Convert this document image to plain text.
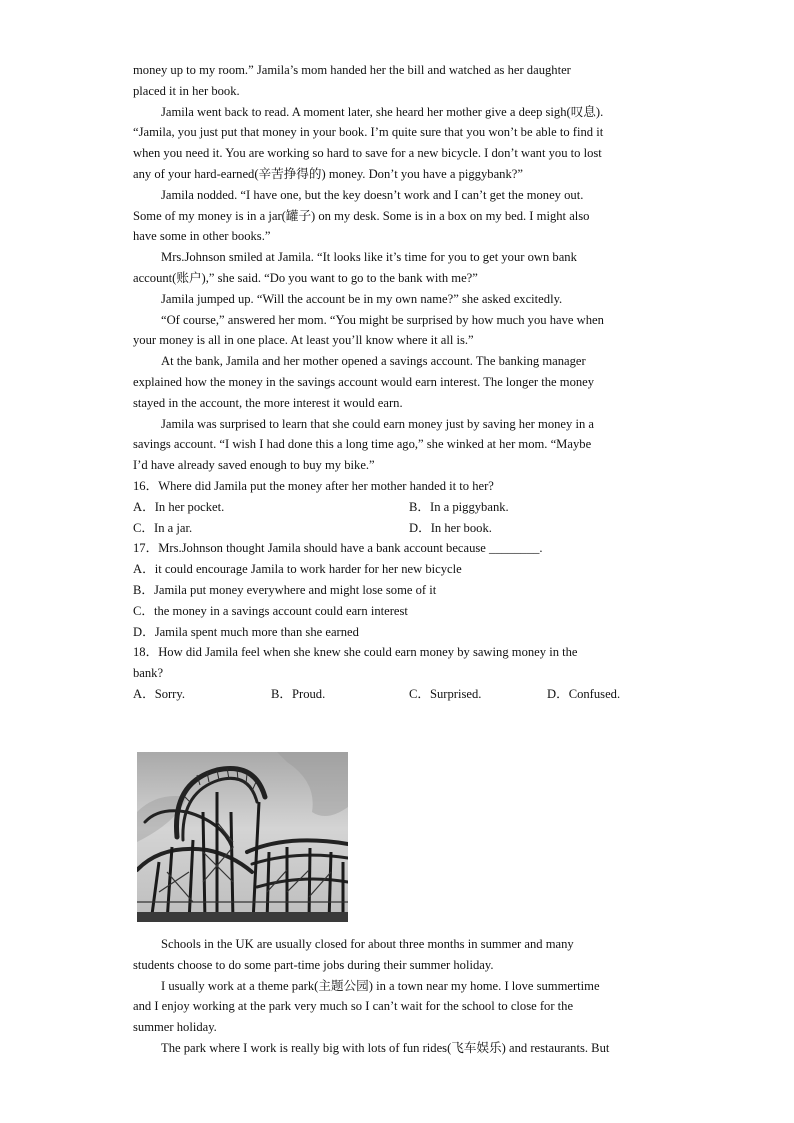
money up to my room.” Jamila’s mom handed her the bill and watched as her daughter

placed it in her book.

Jamila went back to read. A moment later, she heard her mother give a deep sigh(叹息).

“Jamila, you just put that money in your book. I’m quite sure that you won’t be able to find it

when you need it. You are working so hard to save for a new bicycle. I don’t want you to lost

any of your hard-earned(辛苦挣得的) money. Don’t you have a piggybank?”

Jamila nodded. “I have one, but the key doesn’t work and I can’t get the money out.

Some of my money is in a jar(罐子) on my desk. Some is in a box on my bed. I might also

have some in other books.”

Mrs.Johnson smiled at Jamila. “It looks like it’s time for you to get your own bank

account(账户),” she said. “Do you want to go to the bank with me?”

Jamila jumped up. “Will the account be in my own name?” she asked excitedly.

“Of course,” answered her mom. “You might be surprised by how much you have when

your money is all in one place. At least you’ll know where it all is.”

At the bank, Jamila and her mother opened a savings account. The banking manager

explained how the money in the savings account would earn interest. The longer the money

stayed in the account, the more interest it would earn.

Jamila was surprised to learn that she could earn money just by saving her money in a

savings account. “I wish I had done this a long time ago,” she winked at her mom. “Maybe

I’d have already saved enough to buy my bike.”

16．Where did Jamila put the money after her mother handed it to her?

A．In her pocket.	B．In a piggybank.
C．In a jar.	D．In her book.

17．Mrs.Johnson thought Jamila should have a bank account because ________.

A．it could encourage Jamila to work harder for her new bicycle

B．Jamila put money everywhere and might lose some of it

C．the money in a savings account could earn interest

D．Jamila spent much more than she earned

18．How did Jamila feel when she knew she could earn money by sawing money in the

bank?

A．Sorry.	B．Proud.	C．Surprised.	D．Confused.

Schools in the UK are usually closed for about three months in summer and many

students choose to do some part-time jobs during their summer holiday.

I usually work at a theme park(主题公园) in a town near my home. I love summertime

and I enjoy working at the park very much so I can’t wait for the school to close for the

summer holiday.

The park where I work is really big with lots of fun rides(飞车娱乐) and restaurants. But
